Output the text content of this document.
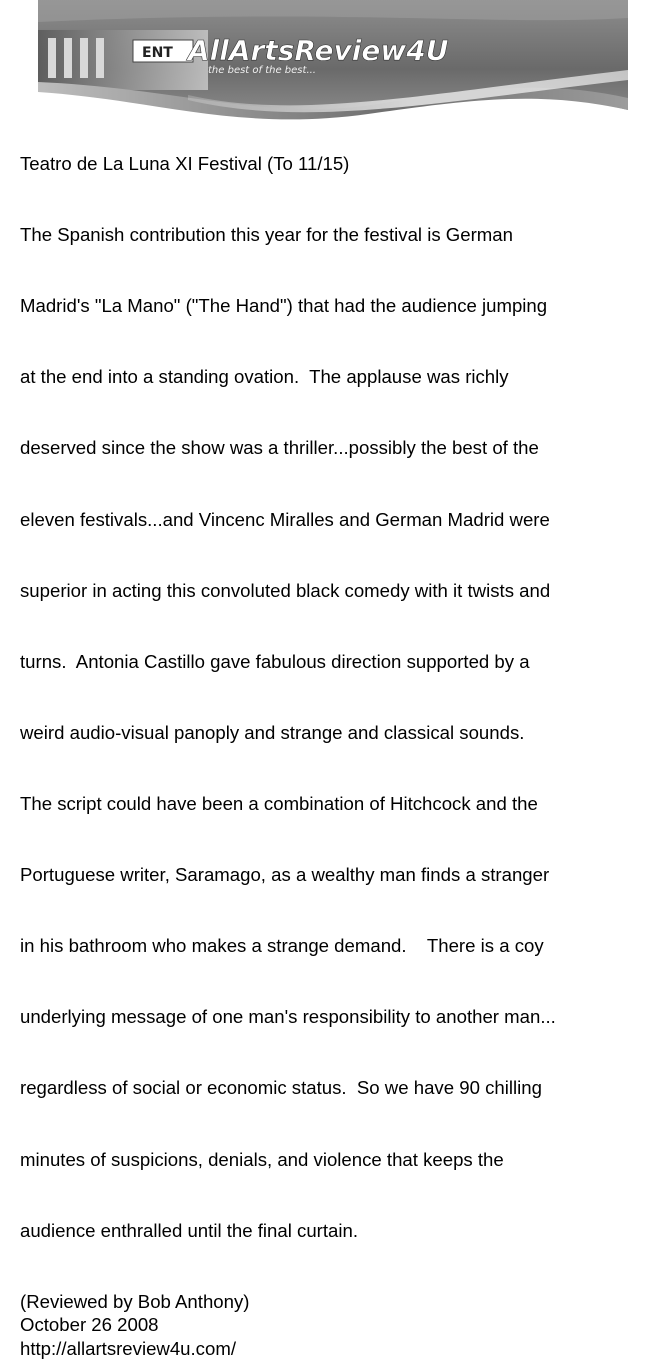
ENT AllArtsReview4U
the best of the best...

Teatro de La Luna XI Festival (To 11/15)

The Spanish contribution this year for the festival is German

Madrid's "La Mano" ("The Hand") that had the audience jumping

at the end into a standing ovation.  The applause was richly

deserved since the show was a thriller...possibly the best of the

eleven festivals...and Vincenc Miralles and German Madrid were

superior in acting this convoluted black comedy with it twists and

turns.  Antonia Castillo gave fabulous direction supported by a

weird audio-visual panoply and strange and classical sounds.

The script could have been a combination of Hitchcock and the

Portuguese writer, Saramago, as a wealthy man finds a stranger

in his bathroom who makes a strange demand.    There is a coy

underlying message of one man's responsibility to another man...

regardless of social or economic status.  So we have 90 chilling

minutes of suspicions, denials, and violence that keeps the

audience enthralled until the final curtain.

(Reviewed by Bob Anthony)

October 26 2008

http://allartsreview4u.com/
